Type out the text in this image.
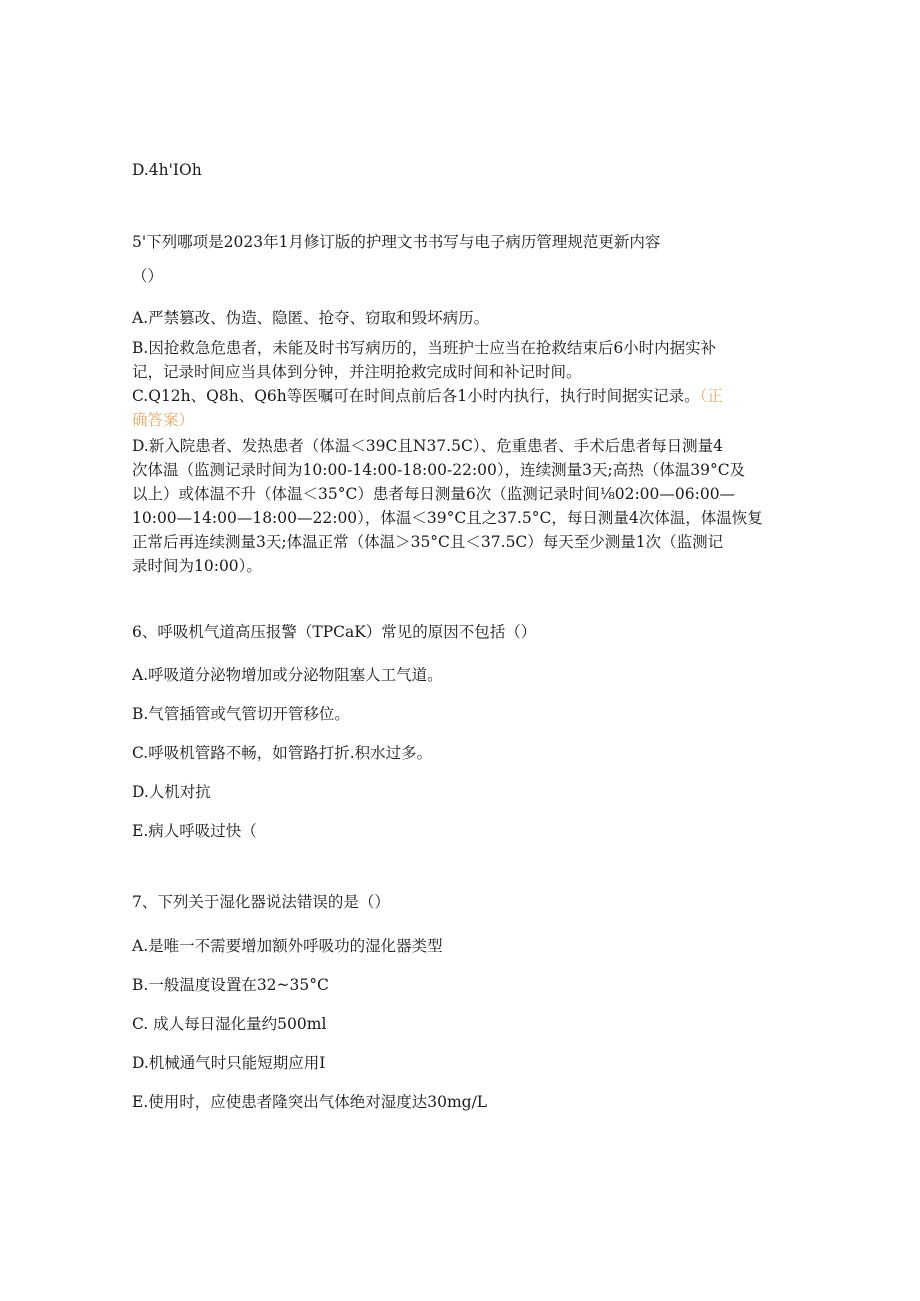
D.4h'IOh
5'下列哪项是2023年1月修订版的护理文书书写与电子病历管理规范更新内容
（）
A.严禁篡改、伪造、隐匿、抢夺、窃取和毁坏病历。
B.因抢救急危患者，未能及时书写病历的，当班护士应当在抢救结束后6小时内据实补
记，记录时间应当具体到分钟，并注明抢救完成时间和补记时间。
C.Q12h、Q8h、Q6h等医嘱可在时间点前后各1小时内执行，执行时间据实记录。（正
确答案）
D.新入院患者、发热患者（体温＜39C且N37.5C）、危重患者、手术后患者每日测量4
次体温（监测记录时间为10:00-14:00-18:00-22:00），连续测量3天;高热（体温39°C及
以上）或体温不升（体温＜35°C）患者每日测量6次（监测记录时间⅛02:00—06:00—
10:00—14:00—18:00—22:00），体温＜39°C且之37.5°C，每日测量4次体温，体温恢复
正常后再连续测量3天;体温正常（体温＞35°C且＜37.5C）每天至少测量1次（监测记
录时间为10:00）。
6、呼吸机气道高压报警（TPCaK）常见的原因不包括（）
A.呼吸道分泌物增加或分泌物阻塞人工气道。
B.气管插管或气管切开管移位。
C.呼吸机管路不畅，如管路打折.积水过多。
D.人机对抗
E.病人呼吸过快（
7、下列关于湿化器说法错误的是（）
A.是唯一不需要增加额外呼吸功的湿化器类型
B.一般温度设置在32~35°C
C. 成人每日湿化量约500ml
D.机械通气时只能短期应用I
E.使用时，应使患者隆突出气体绝对湿度达30mg∕L
